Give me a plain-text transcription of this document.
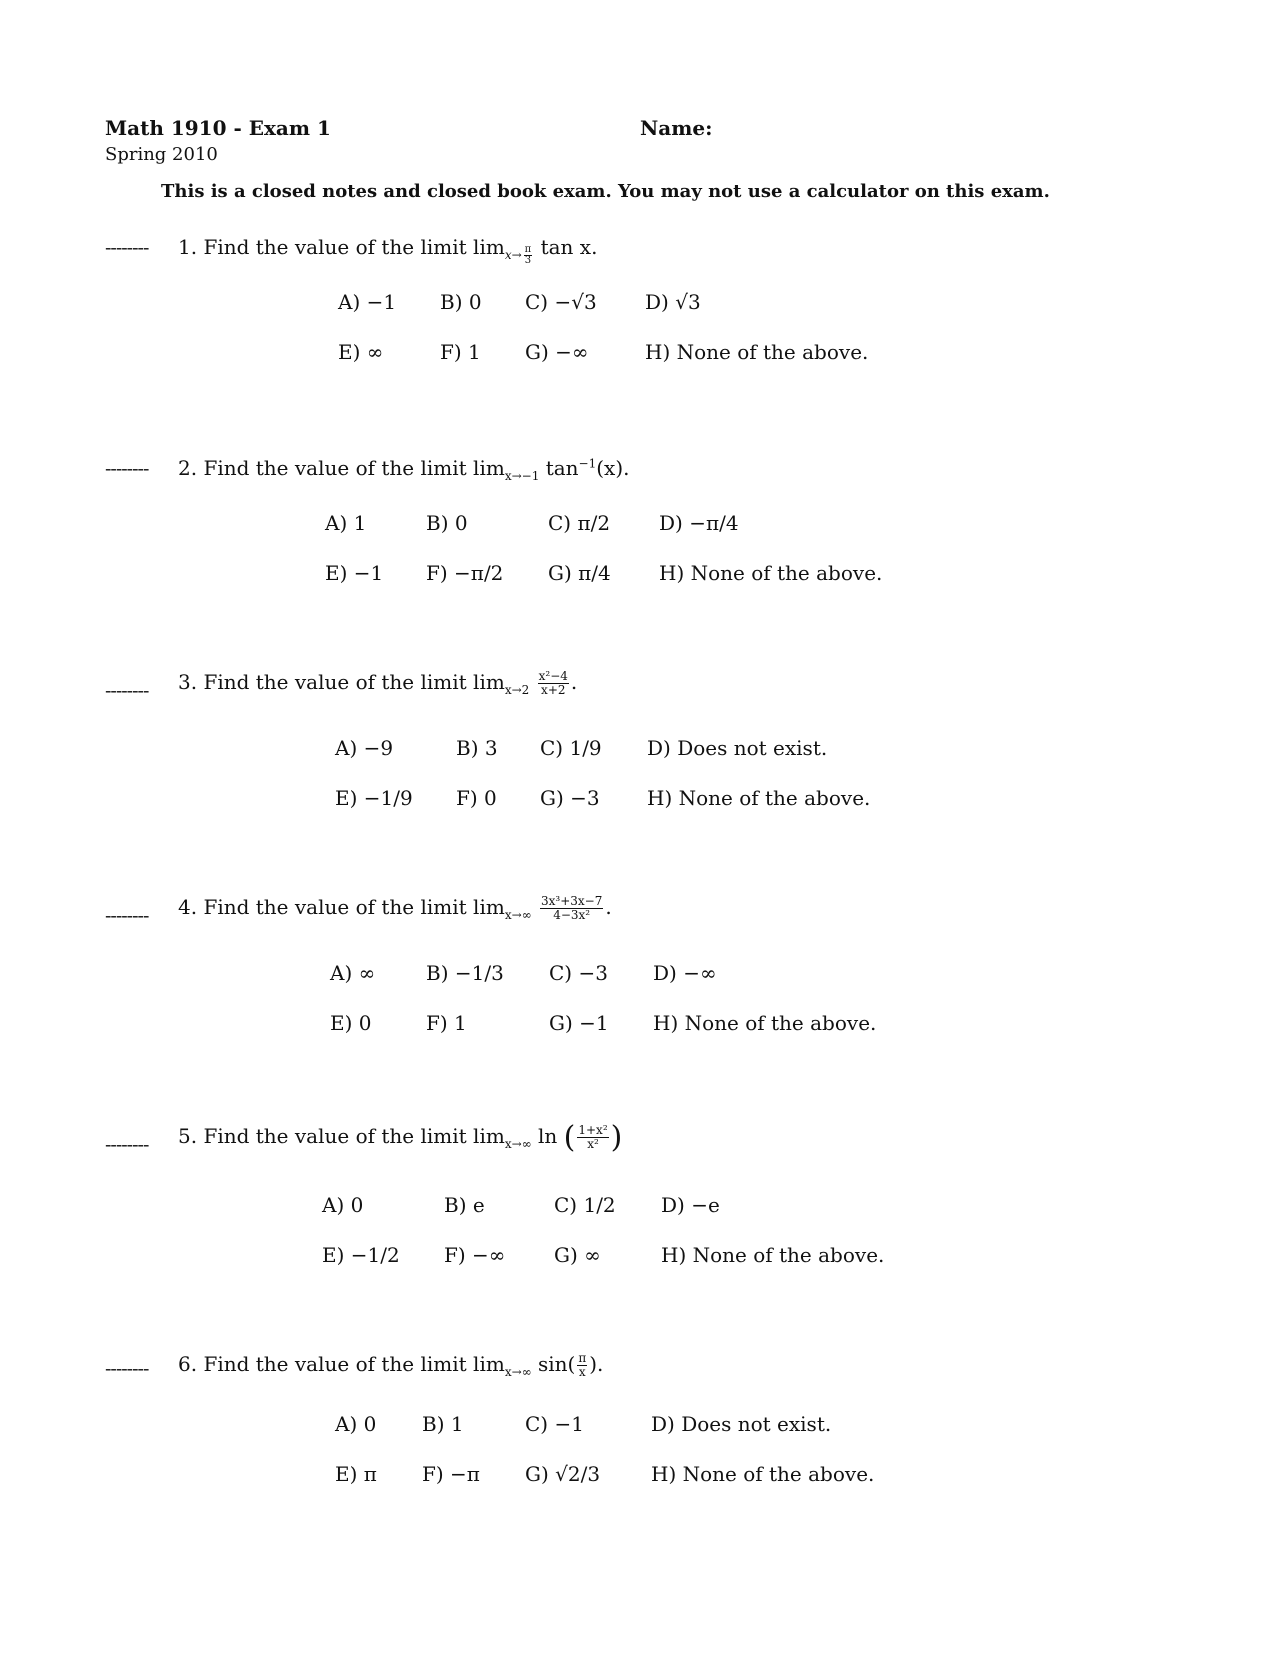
Math 1910 - Exam 1	Name:
Spring 2010
This is a closed notes and closed book exam. You may not use a calculator on this exam.
-------- 1. Find the value of the limit $\lim_{x\to \frac{\pi}{3}} \tan x$.
A) −1 B) 0 C) −√3 D) √3
E) ∞	F) 1 G) −∞	H) None of the above.
-------- 2. Find the value of the limit $\lim_{x\to-1} \tan^{-1}(x)$.
A) 1	B) 0	C) π/2 D) −π/4
E) −1 F) −π/2 G) π/4 H) None of the above.
-------- 3. Find the value of the limit $\lim_{x\to 2} \frac{\text{x²−4}}{x+2}$ .
A) −9	B) 3 C) 1/9 D) Does not exist.
E) −1/9 F) 0 G) −3 H) None of the above.
-------- 4. Find the value of the limit $\lim_{x\to\infty} \frac{\text{3x³+3x−7}}{\text{4−3x²}}$ .
A) ∞	B) −1/3 C) −3 D) −∞
E) 0	F) 1	G) −1 H) None of the above.
-------- 5. Find the value of the limit $\lim_{x\to\infty} \ln$ ( $\frac{\text{1+x²}}{\text{x²}}$ )
A) 0	B) e	C) 1/2 D) −e
E) −1/2 F) −∞ G) ∞	H) None of the above.
-------- 6. Find the value of the limit $\lim_{x\to\infty} \sin( \frac{\pi}{x}$ ).
A) 0 B) 1	C) −1	D) Does not exist.
E) π F) −π G) √2/3	H) None of the above.
